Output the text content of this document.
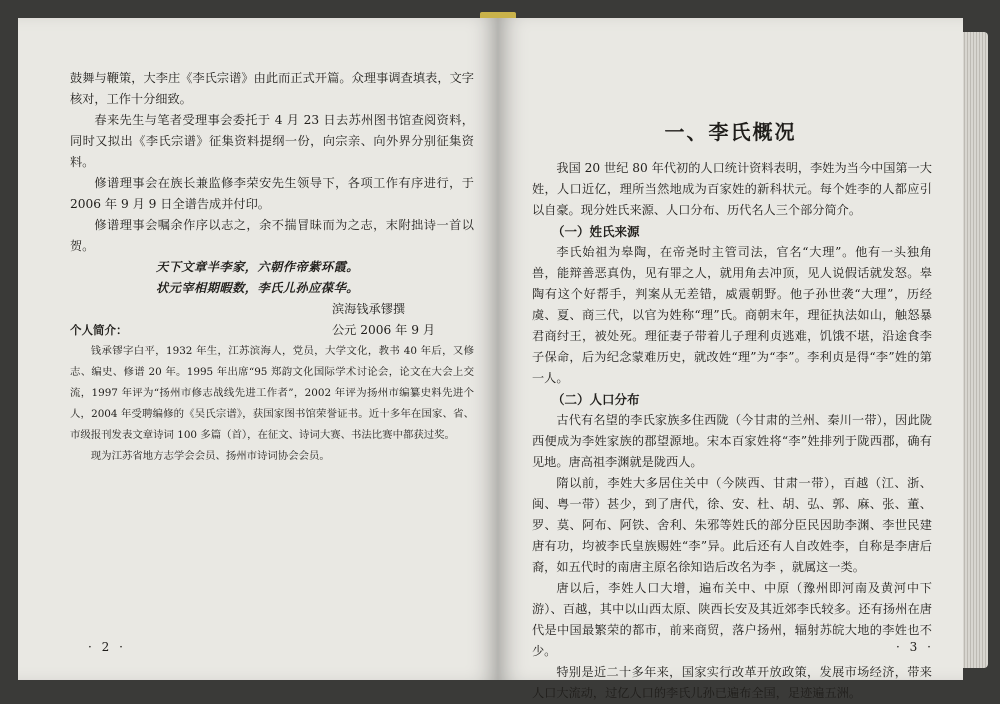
鼓舞与鞭策，大李庄《李氏宗谱》由此而正式开篇。众理事调查填表，文字核对，工作十分细致。

春来先生与笔者受理事会委托于 4 月 23 日去苏州图书馆查阅资料，同时又拟出《李氏宗谱》征集资料提纲一份，向宗亲、向外界分别征集资料。

修谱理事会在族长兼监修李荣安先生领导下，各项工作有序进行，于 2006 年 9 月 9 日全谱告成并付印。

修谱理事会嘱余作序以志之，余不揣冒昧而为之志，末附拙诗一首以贺。

天下文章半李家，六朝作帝紫环霞。
状元宰相期暇数，李氏儿孙应葆华。
滨海钱承镠撰
公元 2006 年 9 月
个人简介：

钱承镠字白平，1932 年生，江苏滨海人，党员，大学文化，教书 40 年后，又修志、编史、修谱 20 年。1995 年出席“95 郑韵文化国际学术讨论会，论文在大会上交流，1997 年评为“扬州市修志战线先进工作者”，2002 年评为扬州市编纂史料先进个人，2004 年受聘编修的《吴氏宗谱》，获国家图书馆荣誉证书。近十多年在国家、省、市级报刊发表文章诗词 100 多篇（首），在征文、诗词大赛、书法比赛中都获过奖。

现为江苏省地方志学会会员、扬州市诗词协会会员。

· 2 ·
一、李氏概况

我国 20 世纪 80 年代初的人口统计资料表明，李姓为当今中国第一大姓，人口近亿，理所当然地成为百家姓的新科状元。每个姓李的人都应引以自豪。现分姓氏来源、人口分布、历代名人三个部分简介。

（一）姓氏来源

李氏始祖为皋陶，在帝尧时主管司法，官名“大理”。他有一头独角兽，能辩善恶真伪，见有罪之人，就用角去冲顶，见人说假话就发怒。皋陶有这个好帮手，判案从无差错，威震朝野。他子孙世袭“大理”，历经虞、夏、商三代，以官为姓称“理”氏。商朝末年，理征执法如山，触怒暴君商纣王，被处死。理征妻子带着儿子理利贞逃难，饥饿不堪，沿途食李子保命，后为纪念蒙难历史，就改姓“理”为“李”。李利贞是得“李”姓的第一人。

（二）人口分布

古代有名望的李氏家族多住西陇（今甘肃的兰州、秦川一带），因此陇西便成为李姓家族的郡望源地。宋本百家姓将“李”姓排列于陇西郡，确有见地。唐高祖李渊就是陇西人。

隋以前，李姓大多居住关中（今陕西、甘肃一带），百越（江、浙、闽、粤一带）甚少，到了唐代，徐、安、杜、胡、弘、郭、麻、张、董、罗、莫、阿布、阿铁、舍利、朱邪等姓氏的部分臣民因助李渊、李世民建唐有功，均被李氏皇族赐姓“李”异。此后还有人自改姓李，自称是李唐后裔，如五代时的南唐主原名徐知诰后改名为李 ，就属这一类。

唐以后，李姓人口大增，遍布关中、中原（豫州即河南及黄河中下游）、百越，其中以山西太原、陕西长安及其近郊李氏较多。还有扬州在唐代是中国最繁荣的都市，前来商贸，落户扬州，辐射苏皖大地的李姓也不少。

特别是近二十多年来，国家实行改革开放政策，发展市场经济，带来人口大流动，过亿人口的李氏儿孙已遍布全国，足迹遍五洲。

· 3 ·
